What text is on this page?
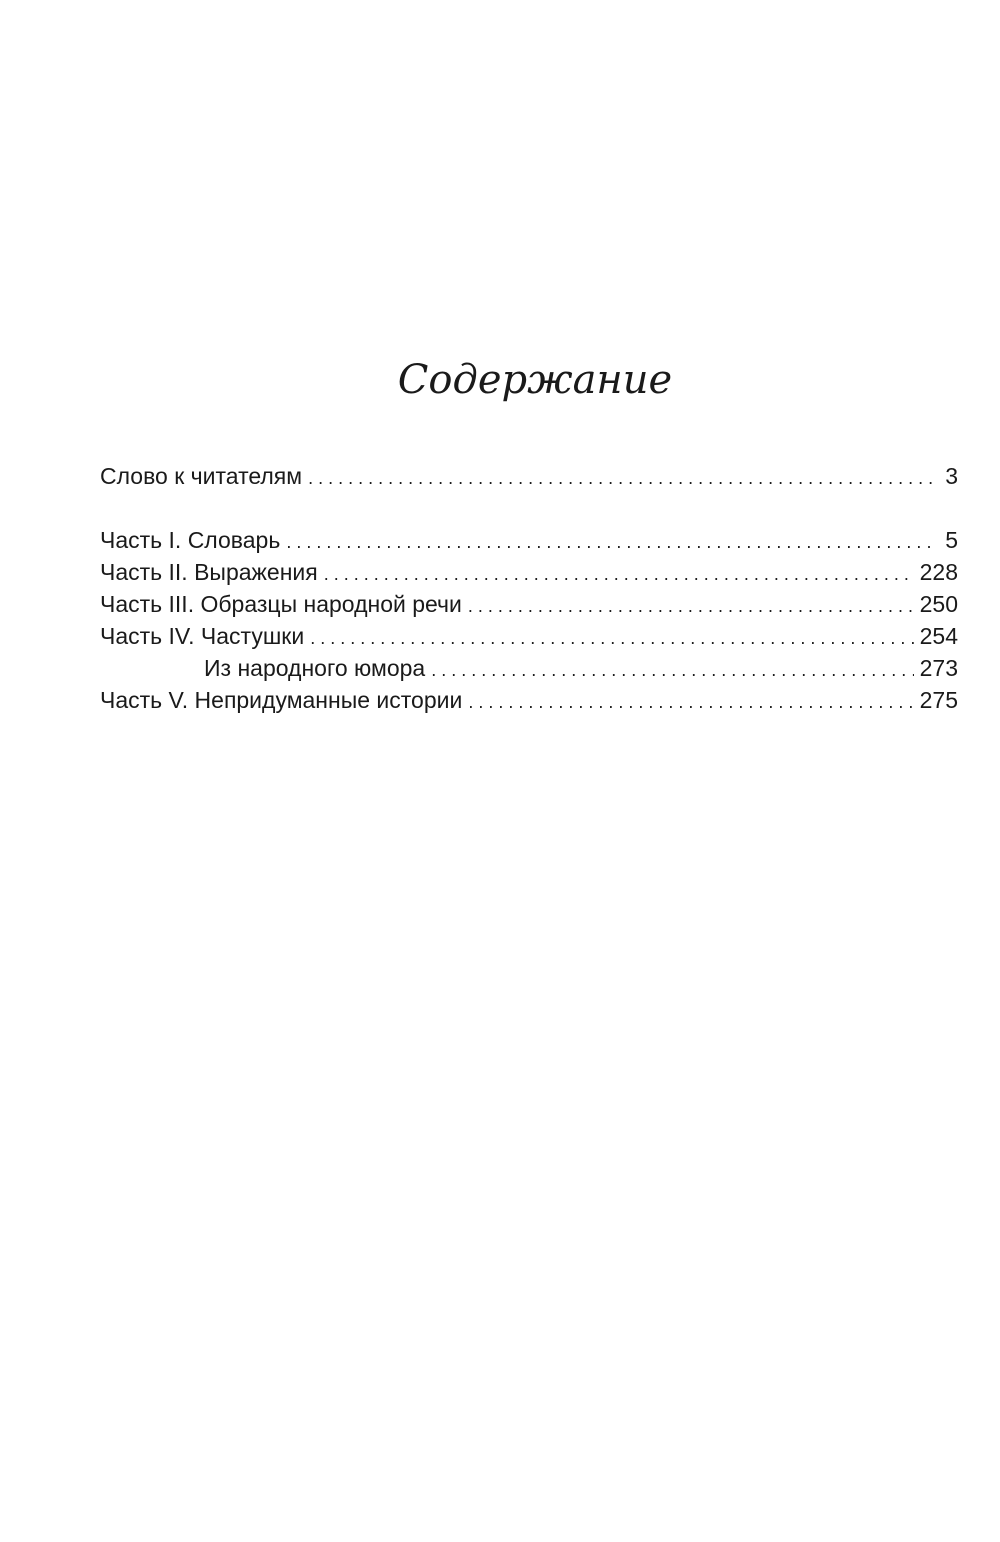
Содержание
Слово к читателям . . .	3
Часть I. Словарь . . .	5
Часть II. Выражения . . .	228
Часть III. Образцы народной речи . . .	250
Часть IV. Частушки . . .	254
Из народного юмора . . .	273
Часть V. Непридуманные истории . . .	275
